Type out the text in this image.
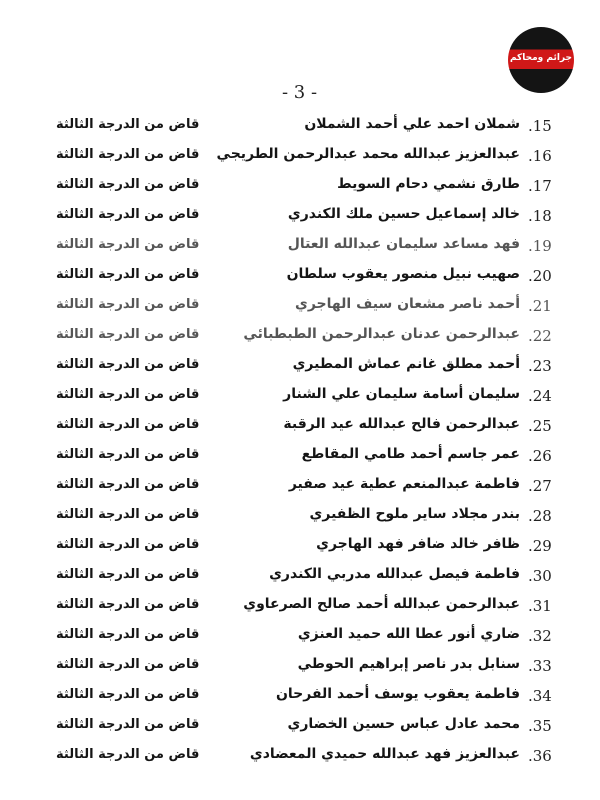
جرائم ومحاكم
- 3 -
.15
شملان احمد علي أحمد الشملان
قاض من الدرجة الثالثة
.16
عبدالعزيز عبدالله محمد عبدالرحمن الطريجي
قاض من الدرجة الثالثة
.17
طارق نشمي دحام السويط
قاض من الدرجة الثالثة
.18
خالد إسماعيل حسين ملك الكندري
قاض من الدرجة الثالثة
.19
فهد مساعد سليمان عبدالله العتال
قاض من الدرجة الثالثة
.20
صهيب نبيل منصور يعقوب سلطان
قاض من الدرجة الثالثة
.21
أحمد ناصر مشعان سيف الهاجري
قاض من الدرجة الثالثة
.22
عبدالرحمن عدنان عبدالرحمن الطبطبائي
قاض من الدرجة الثالثة
.23
أحمد مطلق غانم عماش المطيري
قاض من الدرجة الثالثة
.24
سليمان أسامة سليمان علي الشنار
قاض من الدرجة الثالثة
.25
عبدالرحمن فالح عبدالله عيد الرقبة
قاض من الدرجة الثالثة
.26
عمر جاسم أحمد طامي المقاطع
قاض من الدرجة الثالثة
.27
فاطمة عبدالمنعم عطية عيد صفير
قاض من الدرجة الثالثة
.28
بندر مجلاد ساير ملوح الظفيري
قاض من الدرجة الثالثة
.29
ظافر خالد ضافر فهد الهاجري
قاض من الدرجة الثالثة
.30
فاطمة فيصل عبدالله مدربي الكندري
قاض من الدرجة الثالثة
.31
عبدالرحمن عبدالله أحمد صالح الصرعاوي
قاض من الدرجة الثالثة
.32
ضاري أنور عطا الله حميد العنزي
قاض من الدرجة الثالثة
.33
سنابل بدر ناصر إبراهيم الحوطي
قاض من الدرجة الثالثة
.34
فاطمة يعقوب يوسف أحمد الفرحان
قاض من الدرجة الثالثة
.35
محمد عادل عباس حسين الخضاري
قاض من الدرجة الثالثة
.36
عبدالعزيز فهد عبدالله حميدي المعضادي
قاض من الدرجة الثالثة
